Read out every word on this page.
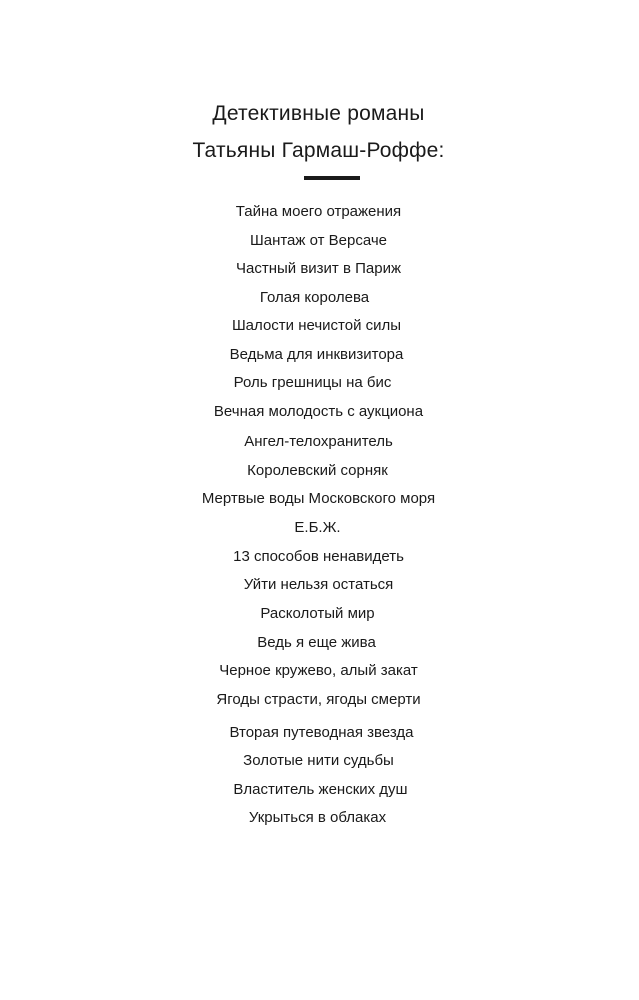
Детективные романы
Татьяны Гармаш-Роффе:
Тайна моего отражения
Шантаж от Версаче
Частный визит в Париж
Голая королева
Шалости нечистой силы
Ведьма для инквизитора
Роль грешницы на бис
Вечная молодость с аукциона
Ангел-телохранитель
Королевский сорняк
Мертвые воды Московского моря
Е.Б.Ж.
13 способов ненавидеть
Уйти нельзя остаться
Расколотый мир
Ведь я еще жива
Черное кружево, алый закат
Ягоды страсти, ягоды смерти
Вторая путеводная звезда
Золотые нити судьбы
Властитель женских душ
Укрыться в облаках
